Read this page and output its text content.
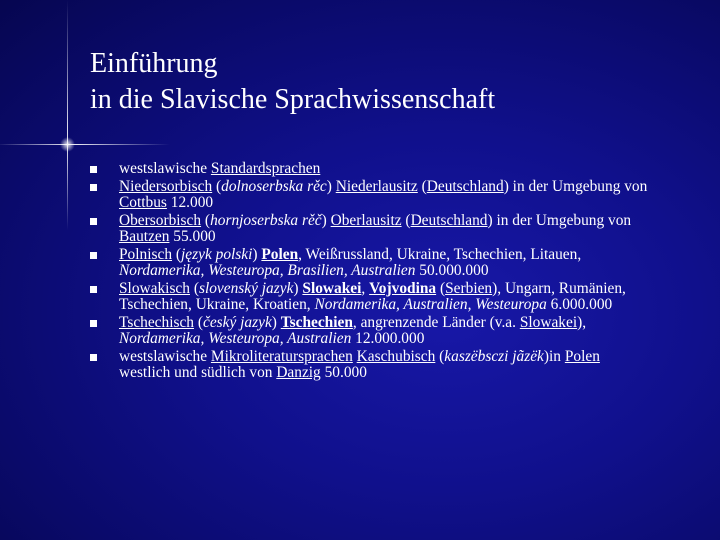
Einführung
in die Slavische Sprachwissenschaft
westslawische Standardsprachen
Niedersorbisch (dolnoserbska rěc) Niederlausitz (Deutschland) in der Umgebung von Cottbus 12.000
Obersorbisch (hornjoserbska rěč) Oberlausitz (Deutschland) in der Umgebung von Bautzen 55.000
Polnisch (język polski) Polen, Weißrussland, Ukraine, Tschechien, Litauen, Nordamerika, Westeuropa, Brasilien, Australien 50.000.000
Slowakisch (slovenský jazyk) Slowakei, Vojvodina (Serbien), Ungarn, Rumänien, Tschechien, Ukraine, Kroatien, Nordamerika, Australien, Westeuropa 6.000.000
Tschechisch (český jazyk) Tschechien, angrenzende Länder (v.a. Slowakei), Nordamerika, Westeuropa, Australien 12.000.000
westslawische Mikroliteratursprachen Kaschubisch (kaszëbsczi jãzëk)in Polen westlich und südlich von Danzig 50.000
